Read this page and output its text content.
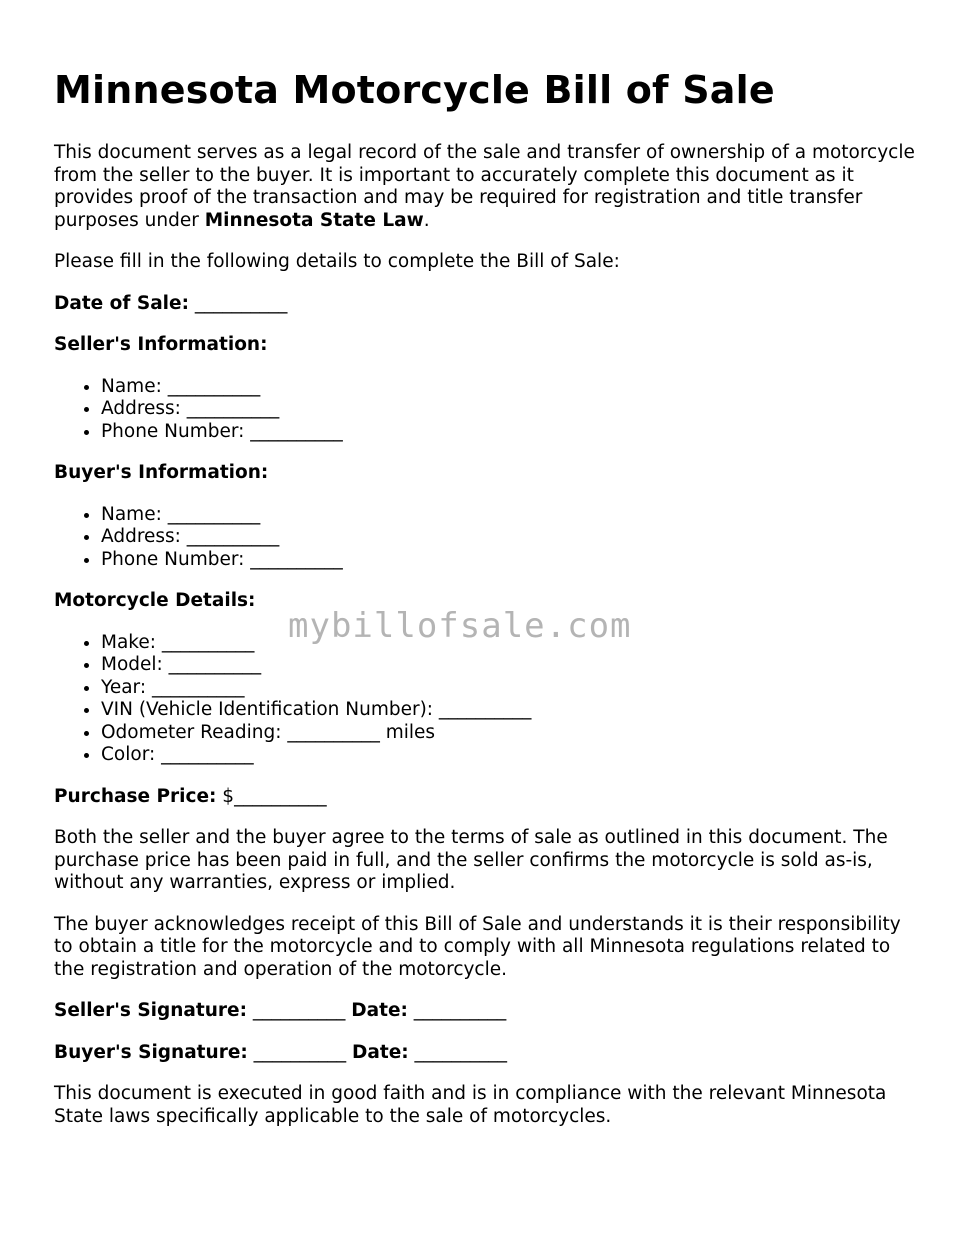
Minnesota Motorcycle Bill of Sale

This document serves as a legal record of the sale and transfer of ownership of a motorcycle from the seller to the buyer. It is important to accurately complete this document as it provides proof of the transaction and may be required for registration and title transfer purposes under Minnesota State Law.

Please fill in the following details to complete the Bill of Sale:

Date of Sale: __________

Seller's Information:

• Name: __________
• Address: __________
• Phone Number: __________

Buyer's Information:

• Name: __________
• Address: __________
• Phone Number: __________

Motorcycle Details:

• Make: __________
• Model: __________
• Year: __________
• VIN (Vehicle Identification Number): __________
• Odometer Reading: __________ miles
• Color: __________

Purchase Price: $__________

Both the seller and the buyer agree to the terms of sale as outlined in this document. The purchase price has been paid in full, and the seller confirms the motorcycle is sold as-is, without any warranties, express or implied.

The buyer acknowledges receipt of this Bill of Sale and understands it is their responsibility to obtain a title for the motorcycle and to comply with all Minnesota regulations related to the registration and operation of the motorcycle.

Seller's Signature: __________ Date: __________

Buyer's Signature: __________ Date: __________

This document is executed in good faith and is in compliance with the relevant Minnesota State laws specifically applicable to the sale of motorcycles.

mybillofsale.com
